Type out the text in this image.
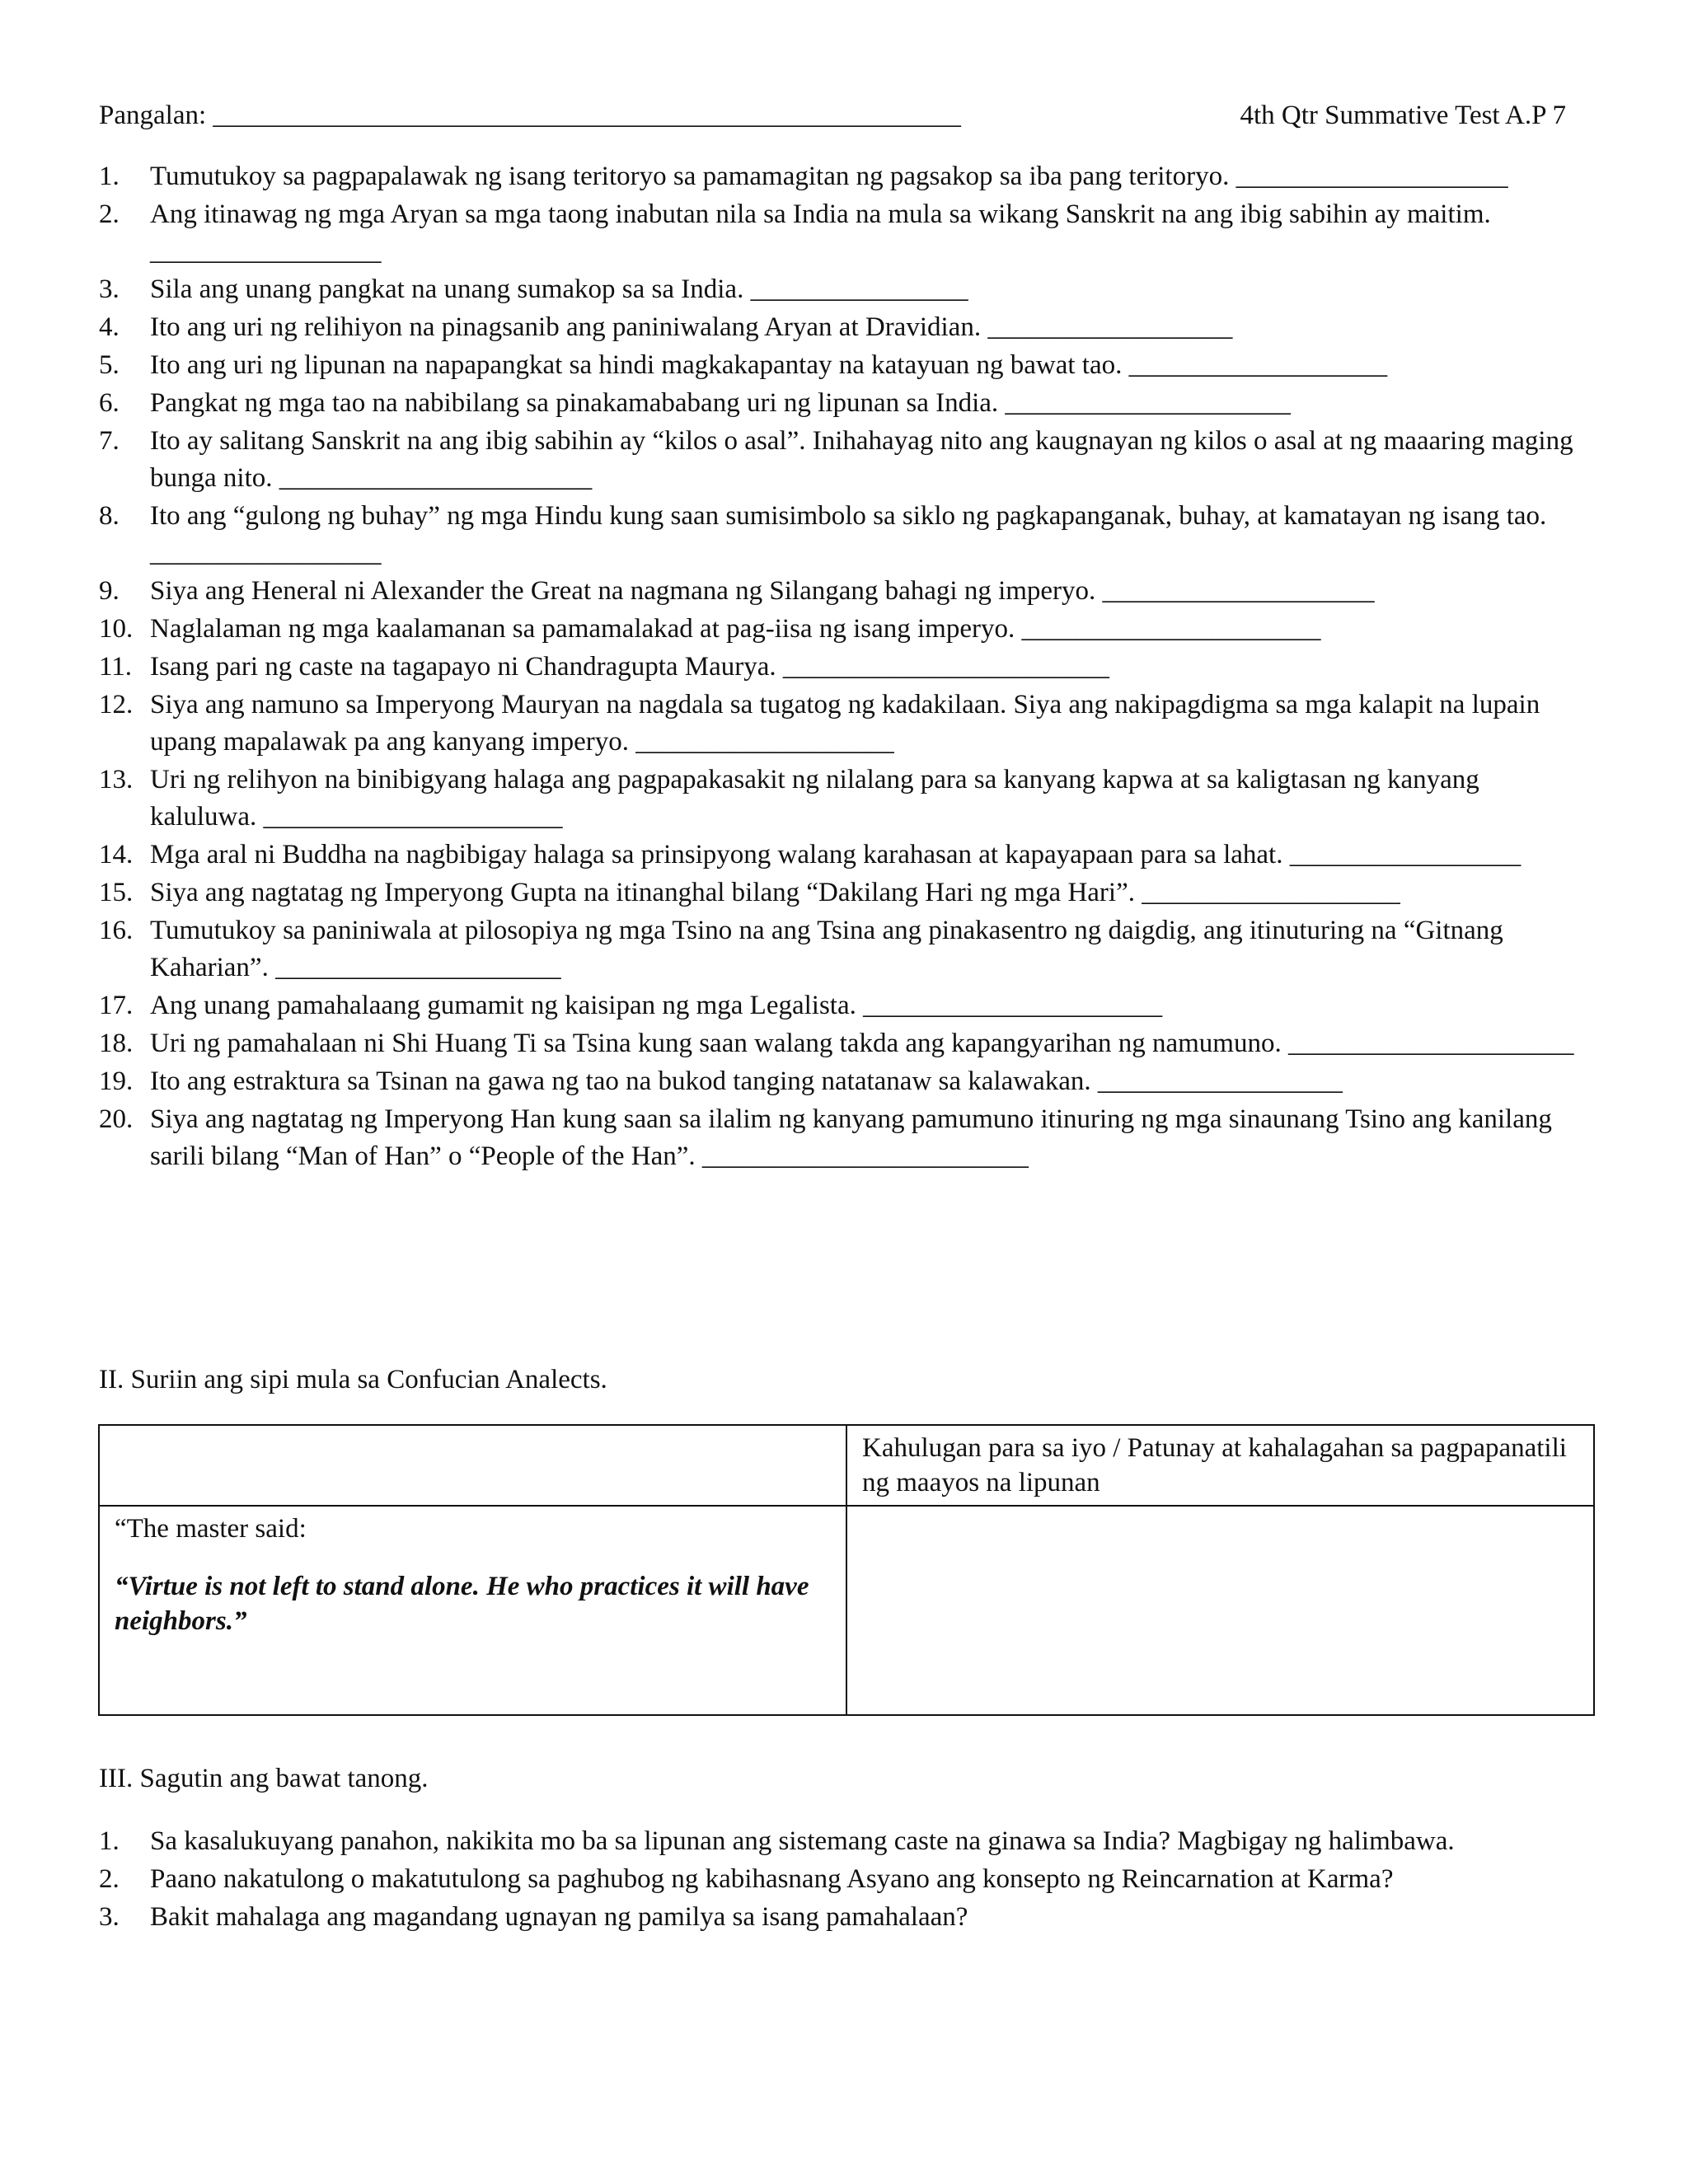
Pangalan: _______________________________________________________	4th Qtr Summative Test A.P 7
1.	Tumutukoy sa pagpapalawak ng isang teritoryo sa pamamagitan ng pagsakop sa iba pang teritoryo. ____________________
2.	Ang itinawag ng mga Aryan sa mga taong inabutan nila sa India na mula sa wikang Sanskrit na ang ibig sabihin ay maitim. _________________
3.	Sila ang unang pangkat na unang sumakop sa sa India. ________________
4.	Ito ang uri ng relihiyon na pinagsanib ang paniniwalang Aryan at Dravidian. __________________
5.	Ito ang uri ng lipunan na napapangkat sa hindi magkakapantay na katayuan ng bawat tao. ___________________
6.	Pangkat ng mga tao na nabibilang sa pinakamababang uri ng lipunan sa India. _____________________
7.	Ito ay salitang Sanskrit na ang ibig sabihin ay “kilos o asal”. Inihahayag nito ang kaugnayan ng kilos o asal at ng maaaring maging bunga nito. _______________________
8.	Ito ang “gulong ng buhay” ng mga Hindu kung saan sumisimbolo sa siklo ng pagkapanganak, buhay, at kamatayan ng isang tao. _________________
9.	Siya ang Heneral ni Alexander the Great na nagmana ng Silangang bahagi ng imperyo. ____________________
10. Naglalaman ng mga kaalamanan sa pamamalakad at pag-iisa ng isang imperyo. ______________________
11. Isang pari ng caste na tagapayo ni Chandragupta Maurya. ________________________
12. Siya ang namuno sa Imperyong Mauryan na nagdala sa tugatog ng kadakilaan. Siya ang nakipagdigma sa mga kalapit na lupain upang mapalawak pa ang kanyang imperyo. ___________________
13. Uri ng relihyon na binibigyang halaga ang pagpapakasakit ng nilalang para sa kanyang kapwa at sa kaligtasan ng kanyang kaluluwa. ______________________
14. Mga aral ni Buddha na nagbibigay halaga sa prinsipyong walang karahasan at kapayapaan para sa lahat. _________________
15. Siya ang nagtatag ng Imperyong Gupta na itinanghal bilang “Dakilang Hari ng mga Hari”. ___________________
16. Tumutukoy sa paniniwala at pilosopiya ng mga Tsino na ang Tsina ang pinakasentro ng daigdig, ang itinuturing na “Gitnang Kaharian”. _____________________
17. Ang unang pamahalaang gumamit ng kaisipan ng mga Legalista. ______________________
18. Uri ng pamahalaan ni Shi Huang Ti sa Tsina kung saan walang takda ang kapangyarihan ng namumuno. _____________________
19. Ito ang estraktura sa Tsinan na gawa ng tao na bukod tanging natatanaw sa kalawakan. __________________
20. Siya ang nagtatag ng Imperyong Han kung saan sa ilalim ng kanyang pamumuno itinuring ng mga sinaunang Tsino ang kanilang sarili bilang “Man of Han” o “People of the Han”. ________________________
II. Suriin ang sipi mula sa Confucian Analects.
	Kahulugan para sa iyo / Patunay at kahalagahan sa pagpapanatili ng maayos na lipunan

“The master said:
“Virtue is not left to stand alone. He who practices it will have neighbors.”	

III. Sagutin ang bawat tanong.
1.	Sa kasalukuyang panahon, nakikita mo ba sa lipunan ang sistemang caste na ginawa sa India? Magbigay ng halimbawa.
2.	Paano nakatulong o makatutulong sa paghubog ng kabihasnang Asyano ang konsepto ng Reincarnation at Karma?
3.	Bakit mahalaga ang magandang ugnayan ng pamilya sa isang pamahalaan?
